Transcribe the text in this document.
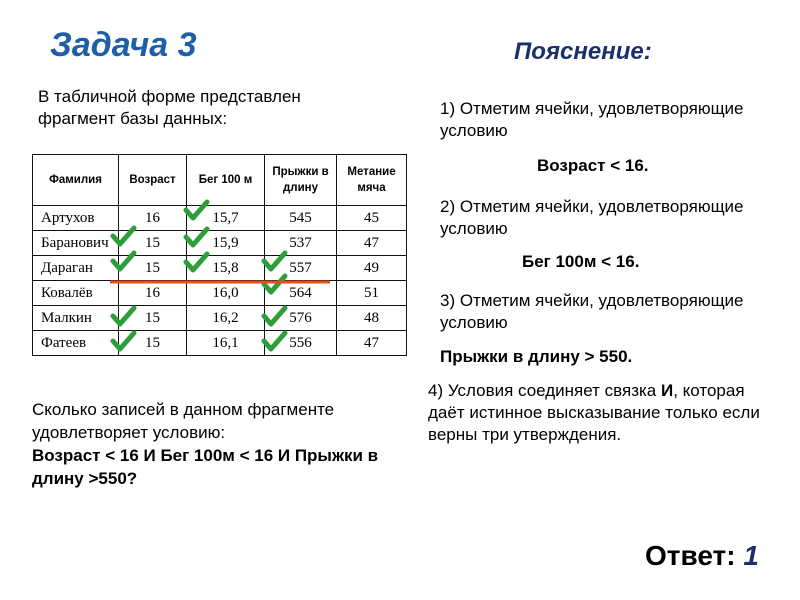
Задача 3	Пояснение:
В табличной форме представлен фрагмент базы данных:
Фамилия	Возраст	Бег 100 м	Прыжки в длину	Метание мяча
Артухов	16	15,7	545	45
Баранович	15	15,9	537	47
Дараган	15	15,8	557	49
Ковалёв	16	16,0	564	51
Малкин	15	16,2	576	48
Фатеев	15	16,1	556	47
1) Отметим ячейки, удовлетворяющие условию
Возраст < 16.
2) Отметим ячейки, удовлетворяющие условию
Бег 100м < 16.
3) Отметим ячейки, удовлетворяющие условию
Прыжки в длину > 550.
4) Условия соединяет связка И, которая даёт истинное высказывание только если верны три утверждения.
Сколько записей в данном фрагменте удовлетворяет условию:
Возраст < 16 И Бег 100м < 16 И Прыжки в длину >550?
Ответ: 1
